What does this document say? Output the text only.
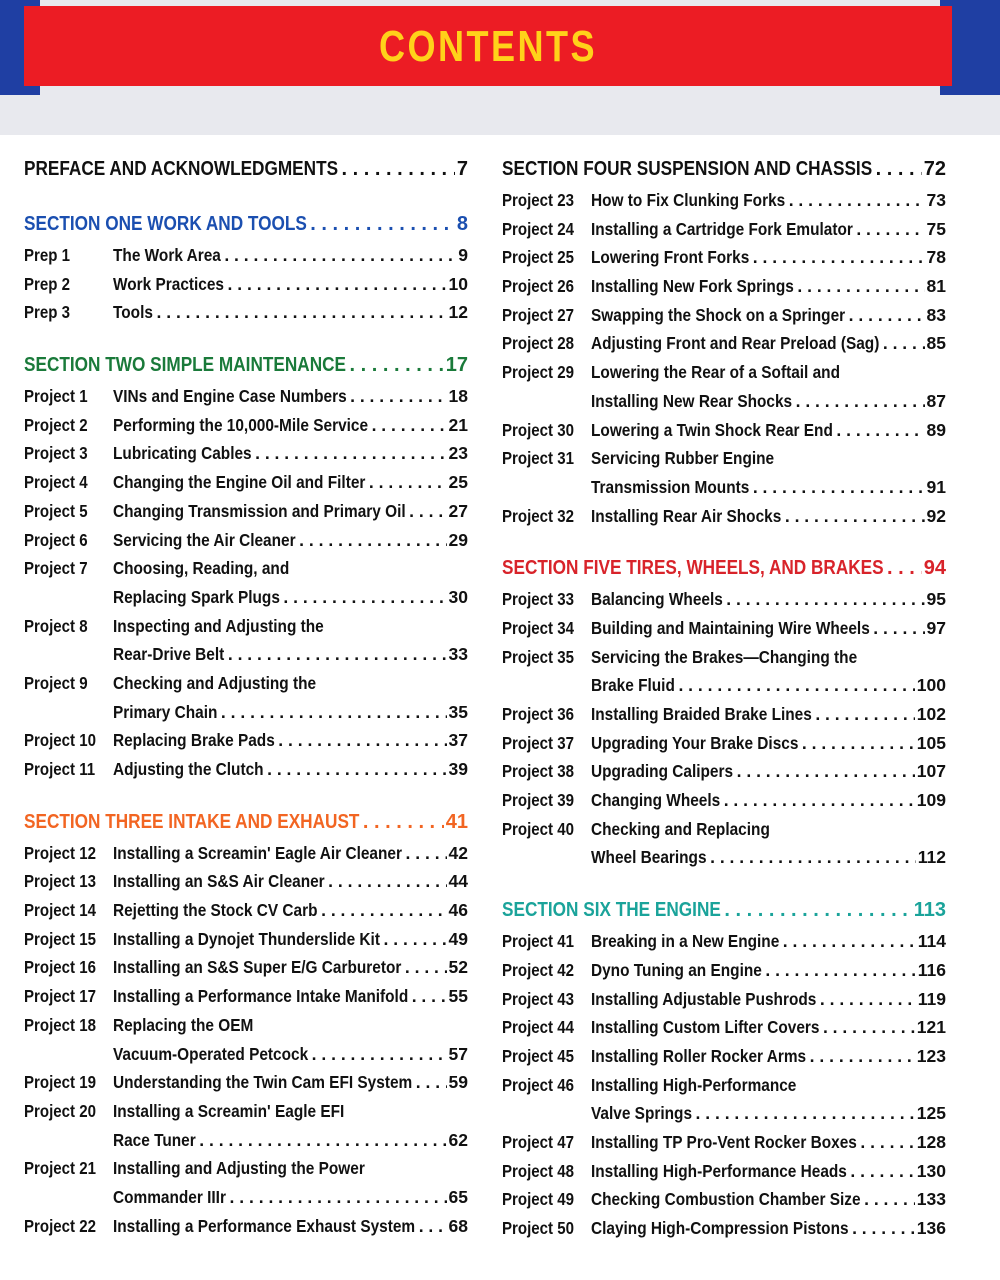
CONTENTS
PREFACE AND ACKNOWLEDGMENTS . . .	7
SECTION ONE WORK AND TOOLS . . .	8
Prep 1 The Work Area . . .	9
Prep 2 Work Practices . . .	10
Prep 3 Tools . . .	12
SECTION TWO SIMPLE MAINTENANCE . . .	17
Project 1 VINs and Engine Case Numbers . . .	18
Project 2 Performing the 10,000-Mile Service . . .	21
Project 3 Lubricating Cables . . .	23
Project 4 Changing the Engine Oil and Filter . . .	25
Project 5 Changing Transmission and Primary Oil . . . 27
Project 6 Servicing the Air Cleaner . . .	29
Project 7 Choosing, Reading, and
Replacing Spark Plugs . . .	30
Project 8 Inspecting and Adjusting the
Rear-Drive Belt . . .	33
Project 9 Checking and Adjusting the
Primary Chain . . .	35
Project 10 Replacing Brake Pads . . .	37
Project 11 Adjusting the Clutch . . .	39
SECTION THREE INTAKE AND EXHAUST . . .	41
Project 12 Installing a Screamin' Eagle Air Cleaner . . .	42
Project 13 Installing an S&S Air Cleaner . . .	44
Project 14 Rejetting the Stock CV Carb . . .	46
Project 15 Installing a Dynojet Thunderslide Kit . . .	49
Project 16 Installing an S&S Super E/G Carburetor . . .	52
Project 17 Installing a Performance Intake Manifold . . . 55
Project 18 Replacing the OEM
Vacuum-Operated Petcock . . .	57
Project 19 Understanding the Twin Cam EFI System . . . 59
Project 20 Installing a Screamin' Eagle EFI
Race Tuner . . .	62
Project 21 Installing and Adjusting the Power
Commander IIIr . . .	65
Project 22 Installing a Performance Exhaust System . . . 68
SECTION FOUR SUSPENSION AND CHASSIS . . .	72
Project 23 How to Fix Clunking Forks . . .	73
Project 24 Installing a Cartridge Fork Emulator . . .	75
Project 25 Lowering Front Forks . . .	78
Project 26 Installing New Fork Springs . . .	81
Project 27 Swapping the Shock on a Springer . . .	83
Project 28 Adjusting Front and Rear Preload (Sag) . . .	85
Project 29 Lowering the Rear of a Softail and
Installing New Rear Shocks . . .	87
Project 30 Lowering a Twin Shock Rear End . . .	89
Project 31 Servicing Rubber Engine
Transmission Mounts . . .	91
Project 32 Installing Rear Air Shocks . . .	92
SECTION FIVE TIRES, WHEELS, AND BRAKES . . . 94
Project 33 Balancing Wheels . . .	95
Project 34 Building and Maintaining Wire Wheels . . .	97
Project 35 Servicing the Brakes—Changing the
Brake Fluid . . .	100
Project 36 Installing Braided Brake Lines . . .	102
Project 37 Upgrading Your Brake Discs . . .	105
Project 38 Upgrading Calipers . . .	107
Project 39 Changing Wheels . . .	109
Project 40 Checking and Replacing
Wheel Bearings . . .	112
SECTION SIX THE ENGINE . . .	113
Project 41 Breaking in a New Engine . . .	114
Project 42 Dyno Tuning an Engine . . .	116
Project 43 Installing Adjustable Pushrods . . .	119
Project 44 Installing Custom Lifter Covers . . .	121
Project 45 Installing Roller Rocker Arms . . .	123
Project 46 Installing High-Performance
Valve Springs . . .	125
Project 47 Installing TP Pro-Vent Rocker Boxes . . .	128
Project 48 Installing High-Performance Heads . . .	130
Project 49 Checking Combustion Chamber Size . . .	133
Project 50 Claying High-Compression Pistons . . .	136
